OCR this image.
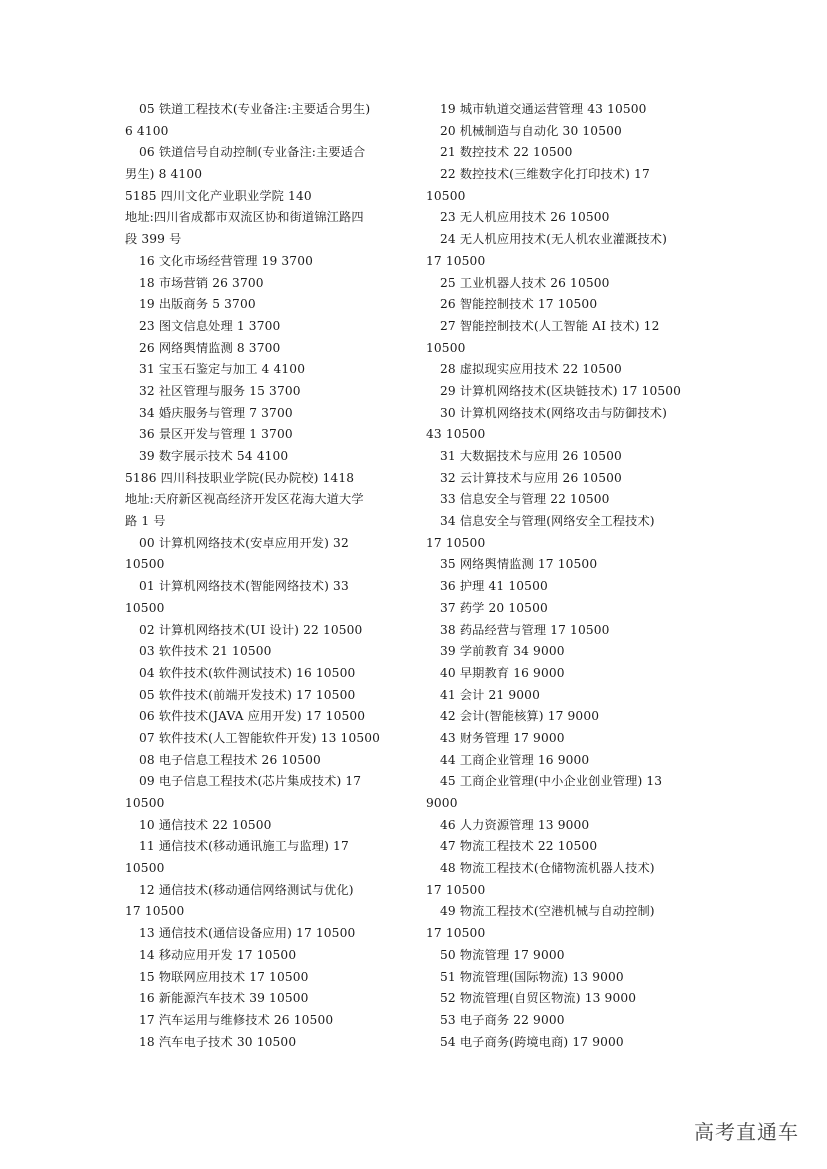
05 铁道工程技术(专业备注:主要适合男生)
6 4100
06 铁道信号自动控制(专业备注:主要适合
男生) 8 4100
5185 四川文化产业职业学院 140
地址:四川省成都市双流区协和街道锦江路四
段 399 号
16 文化市场经营管理 19 3700
18 市场营销 26 3700
19 出版商务 5 3700
23 图文信息处理 1 3700
26 网络舆情监测 8 3700
31 宝玉石鉴定与加工 4 4100
32 社区管理与服务 15 3700
34 婚庆服务与管理 7 3700
36 景区开发与管理 1 3700
39 数字展示技术 54 4100
5186 四川科技职业学院(民办院校) 1418
地址:天府新区视高经济开发区花海大道大学
路 1 号
00 计算机网络技术(安卓应用开发) 32
10500
01 计算机网络技术(智能网络技术) 33
10500
02 计算机网络技术(UI 设计) 22 10500
03 软件技术 21 10500
04 软件技术(软件测试技术) 16 10500
05 软件技术(前端开发技术) 17 10500
06 软件技术(JAVA 应用开发) 17 10500
07 软件技术(人工智能软件开发) 13 10500
08 电子信息工程技术 26 10500
09 电子信息工程技术(芯片集成技术) 17
10500
10 通信技术 22 10500
11 通信技术(移动通讯施工与监理) 17
10500
12 通信技术(移动通信网络测试与优化)
17 10500
13 通信技术(通信设备应用) 17 10500
14 移动应用开发 17 10500
15 物联网应用技术 17 10500
16 新能源汽车技术 39 10500
17 汽车运用与维修技术 26 10500
18 汽车电子技术 30 10500
19 城市轨道交通运营管理 43 10500
20 机械制造与自动化 30 10500
21 数控技术 22 10500
22 数控技术(三维数字化打印技术) 17
10500
23 无人机应用技术 26 10500
24 无人机应用技术(无人机农业灌溉技术)
17 10500
25 工业机器人技术 26 10500
26 智能控制技术 17 10500
27 智能控制技术(人工智能 AI 技术) 12
10500
28 虚拟现实应用技术 22 10500
29 计算机网络技术(区块链技术) 17 10500
30 计算机网络技术(网络攻击与防御技术)
43 10500
31 大数据技术与应用 26 10500
32 云计算技术与应用 26 10500
33 信息安全与管理 22 10500
34 信息安全与管理(网络安全工程技术)
17 10500
35 网络舆情监测 17 10500
36 护理 41 10500
37 药学 20 10500
38 药品经营与管理 17 10500
39 学前教育 34 9000
40 早期教育 16 9000
41 会计 21 9000
42 会计(智能核算) 17 9000
43 财务管理 17 9000
44 工商企业管理 16 9000
45 工商企业管理(中小企业创业管理) 13
9000
46 人力资源管理 13 9000
47 物流工程技术 22 10500
48 物流工程技术(仓储物流机器人技术)
17 10500
49 物流工程技术(空港机械与自动控制)
17 10500
50 物流管理 17 9000
51 物流管理(国际物流) 13 9000
52 物流管理(自贸区物流) 13 9000
53 电子商务 22 9000
54 电子商务(跨境电商) 17 9000
高考直通车
